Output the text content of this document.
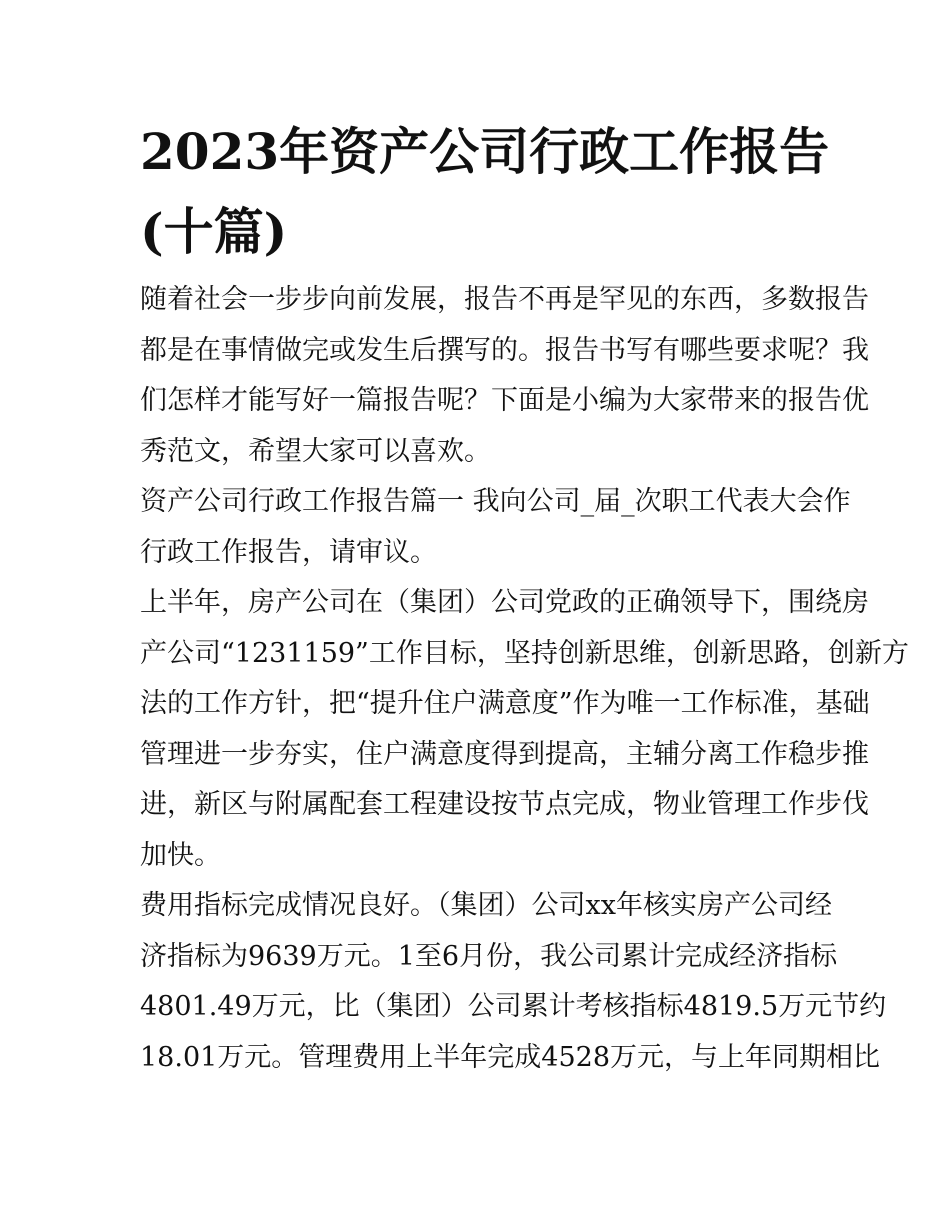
2023年资产公司行政工作报告
(十篇)
随着社会一步步向前发展，报告不再是罕见的东西，多数报告
都是在事情做完或发生后撰写的。报告书写有哪些要求呢？我
们怎样才能写好一篇报告呢？下面是小编为大家带来的报告优
秀范文，希望大家可以喜欢。
资产公司行政工作报告篇一 我向公司_届_次职工代表大会作
行政工作报告，请审议。
上半年，房产公司在（集团）公司党政的正确领导下，围绕房
产公司“1231159”工作目标，坚持创新思维，创新思路，创新方
法的工作方针，把“提升住户满意度”作为唯一工作标准，基础
管理进一步夯实，住户满意度得到提高，主辅分离工作稳步推
进，新区与附属配套工程建设按节点完成，物业管理工作步伐
加快。
费用指标完成情况良好。（集团）公司xx年核实房产公司经
济指标为9639万元。1至6月份，我公司累计完成经济指标
4801.49万元，比（集团）公司累计考核指标4819.5万元节约
18.01万元。管理费用上半年完成4528万元，与上年同期相比
